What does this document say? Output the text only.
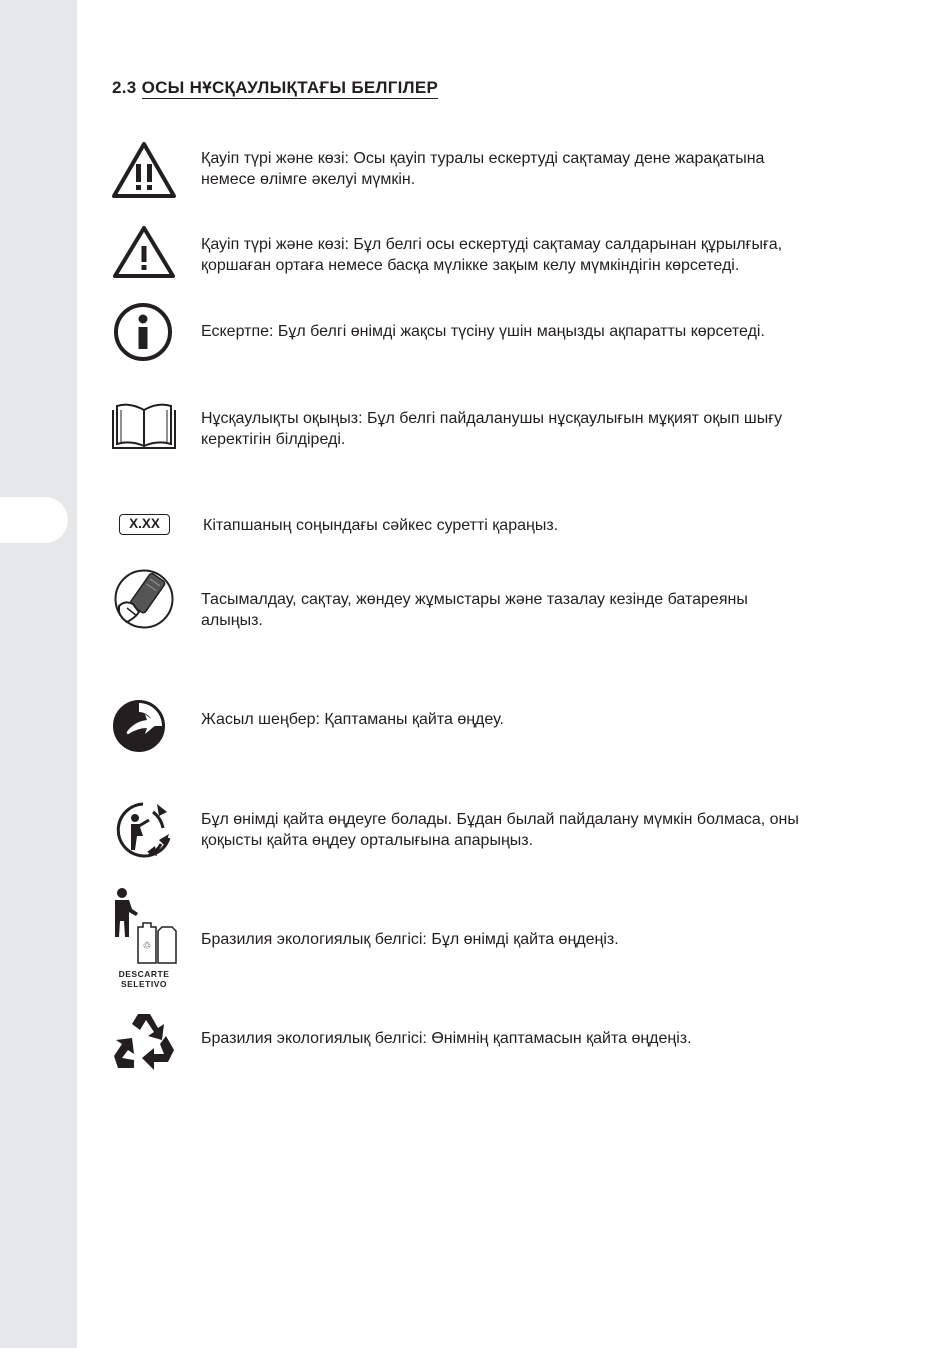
2.3 ОСЫ НҰСҚАУЛЫҚТАҒЫ БЕЛГІЛЕР

Қауіп түрі және көзі: Осы қауіп туралы ескертуді сақтамау дене жарақатына

немесе өлімге әкелуі мүмкін.

Қауіп түрі және көзі: Бұл белгі осы ескертуді сақтамау салдарынан құрылғыға,

қоршаған ортаға немесе басқа мүлікке зақым келу мүмкіндігін көрсетеді.

Ескертпе: Бұл белгі өнімді жақсы түсіну үшін маңызды ақпаратты көрсетеді.

Нұсқаулықты оқыңыз: Бұл белгі пайдаланушы нұсқаулығын мұқият оқып шығу

керектігін білдіреді.

X.XX	Кітапшаның соңындағы сәйкес суретті қараңыз.

Тасымалдау, сақтау, жөндеу жұмыстары және тазалау кезінде батареяны

алыңыз.

Жасыл шеңбер: Қаптаманы қайта өңдеу.

Бұл өнімді қайта өңдеуге болады. Бұдан былай пайдалану мүмкін болмаса, оны

қоқысты қайта өңдеу орталығына апарыңыз.

♲
DESCARTE
SELETIVO

Бразилия экологиялық белгісі: Бұл өнімді қайта өңдеңіз.

Бразилия экологиялық белгісі: Өнімнің қаптамасын қайта өңдеңіз.
